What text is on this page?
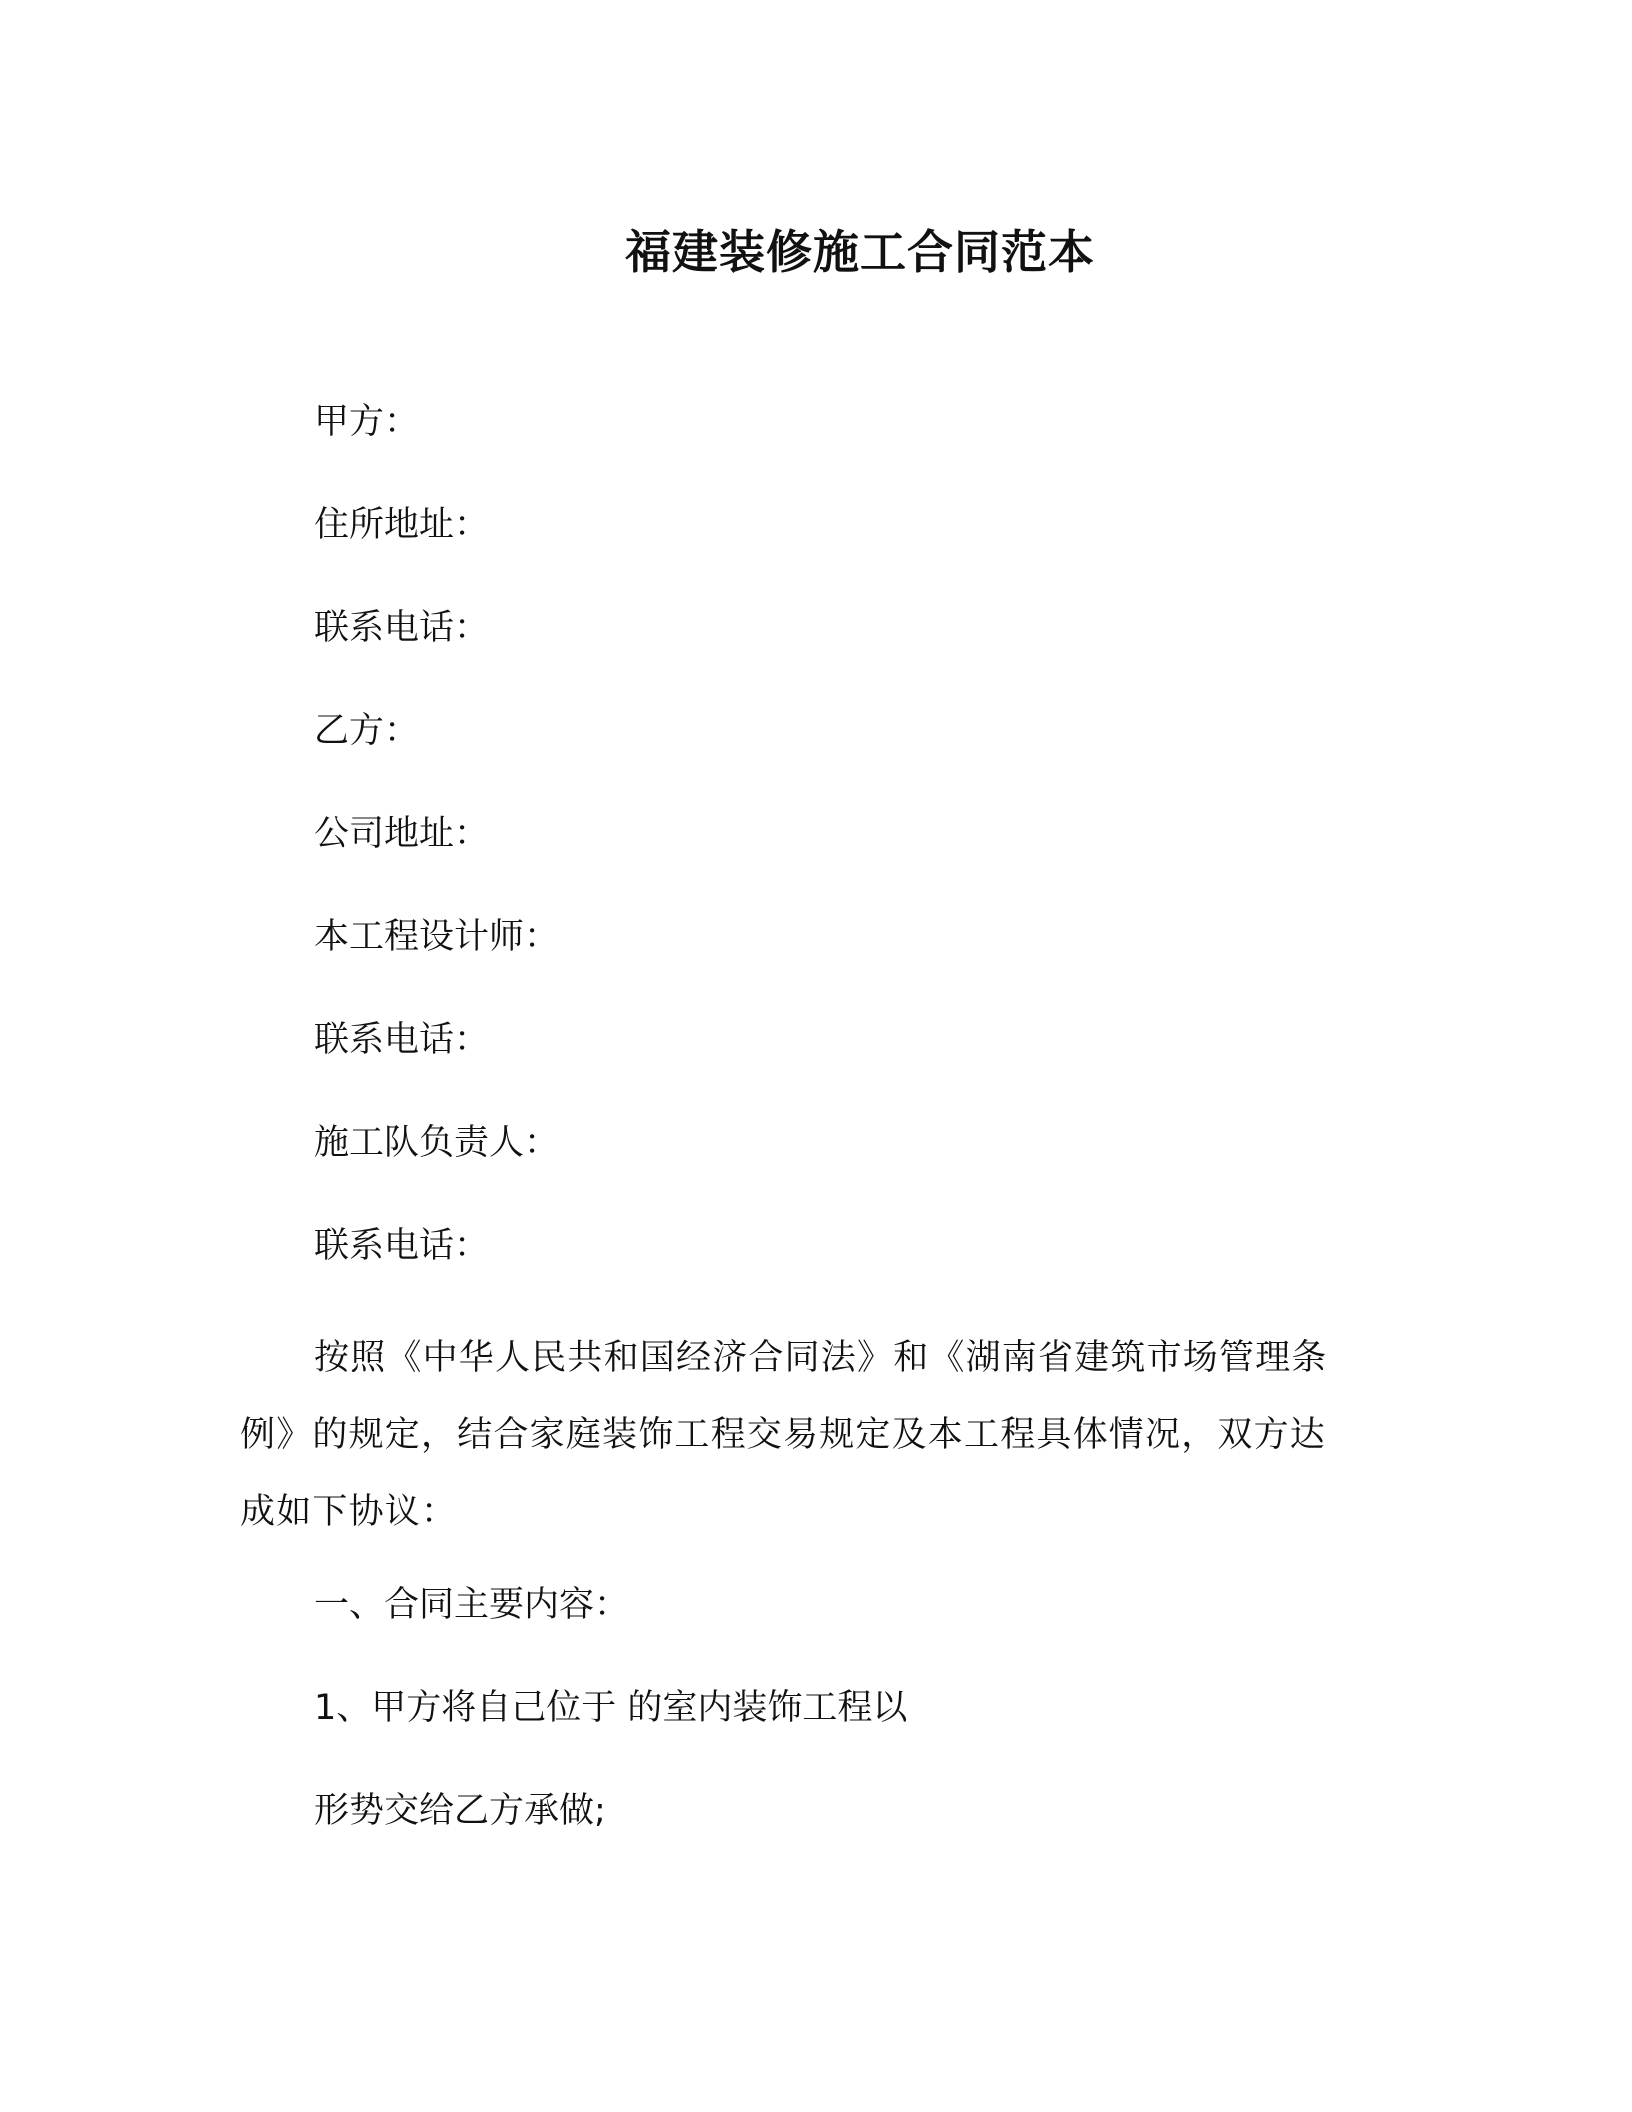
福建装修施工合同范本

甲方：

住所地址：

联系电话：

乙方：

公司地址：

本工程设计师：

联系电话：

施工队负责人：

联系电话：

按照《中华人民共和国经济合同法》和《湖南省建筑市场管理条例》的规定，结合家庭装饰工程交易规定及本工程具体情况，双方达成如下协议：

一、合同主要内容：

1、甲方将自己位于 的室内装饰工程以

形势交给乙方承做;
